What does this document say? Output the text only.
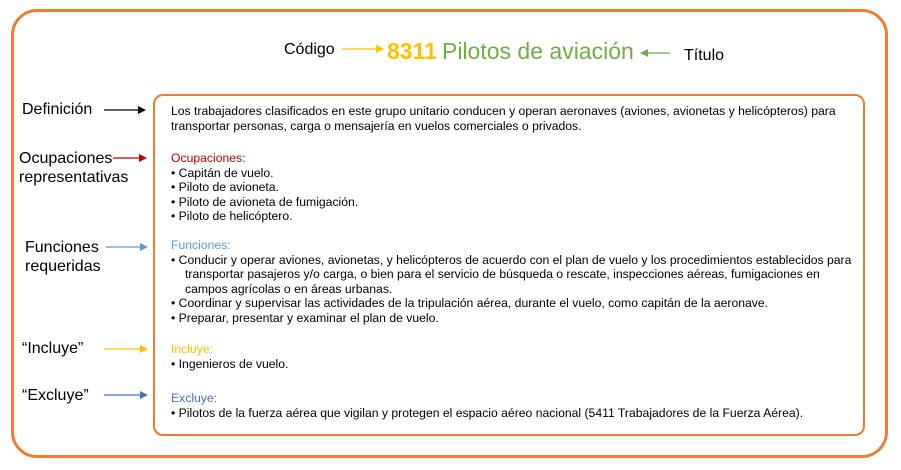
Código 8311 Pilotos de aviación	Título
Definición
Ocupaciones
representativas
Funciones
requeridas
“Incluye”
“Excluye”

Los trabajadores clasificados en este grupo unitario conducen y operan aeronaves (aviones, avionetas y helicópteros) para transportar personas, carga o mensajería en vuelos comerciales o privados.

Ocupaciones:

• Capitán de vuelo.

• Piloto de avioneta.

• Piloto de avioneta de fumigación.

• Piloto de helicóptero.

Funciones:

• Conducir y operar aviones, avionetas, y helicópteros de acuerdo con el plan de vuelo y los procedimientos establecidos para transportar pasajeros y/o carga, o bien para el servicio de búsqueda o rescate, inspecciones aéreas, fumigaciones en campos agrícolas o en áreas urbanas.

• Coordinar y supervisar las actividades de la tripulación aérea, durante el vuelo, como capitán de la aeronave.

• Preparar, presentar y examinar el plan de vuelo.

Incluye:

• Ingenieros de vuelo.

Excluye:

• Pilotos de la fuerza aérea que vigilan y protegen el espacio aéreo nacional (5411 Trabajadores de la Fuerza Aérea).
